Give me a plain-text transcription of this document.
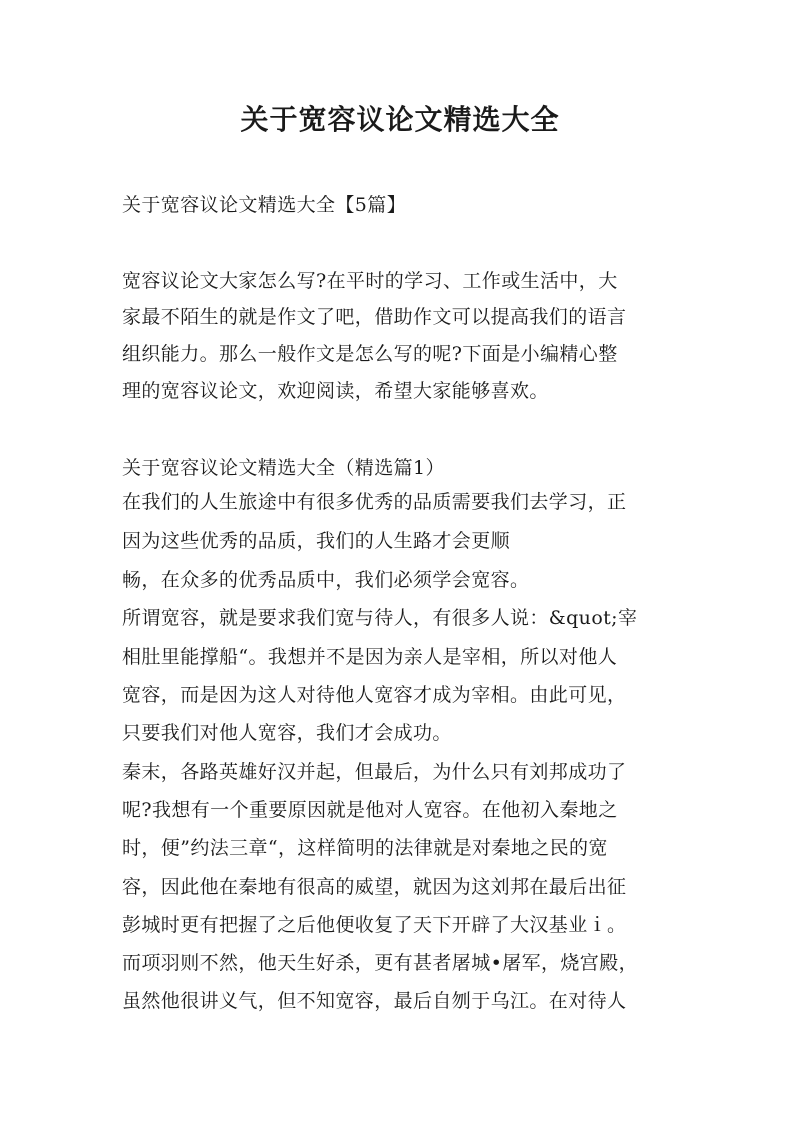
关于宽容议论文精选大全
关于宽容议论文精选大全【5篇】
宽容议论文大家怎么写?在平时的学习、工作或生活中，大
家最不陌生的就是作文了吧，借助作文可以提高我们的语言
组织能力。那么一般作文是怎么写的呢?下面是小编精心整
理的宽容议论文，欢迎阅读，希望大家能够喜欢。
关于宽容议论文精选大全（精选篇1）
在我们的人生旅途中有很多优秀的品质需要我们去学习，正
因为这些优秀的品质，我们的人生路才会更顺
畅，在众多的优秀品质中，我们必须学会宽容。
所谓宽容，就是要求我们宽与待人，有很多人说：&quot;宰
相肚里能撑船“。我想并不是因为亲人是宰相，所以对他人
宽容，而是因为这人对待他人宽容才成为宰相。由此可见，
只要我们对他人宽容，我们才会成功。
秦末，各路英雄好汉并起，但最后，为什么只有刘邦成功了
呢?我想有一个重要原因就是他对人宽容。在他初入秦地之
时，便”约法三章“，这样简明的法律就是对秦地之民的宽
容，因此他在秦地有很高的威望，就因为这刘邦在最后出征
彭城时更有把握了之后他便收复了天下开辟了大汉基业ｉ。
而项羽则不然，他天生好杀，更有甚者屠城•屠军，烧宫殿，
虽然他很讲义气，但不知宽容，最后自刎于乌江。在对待人
